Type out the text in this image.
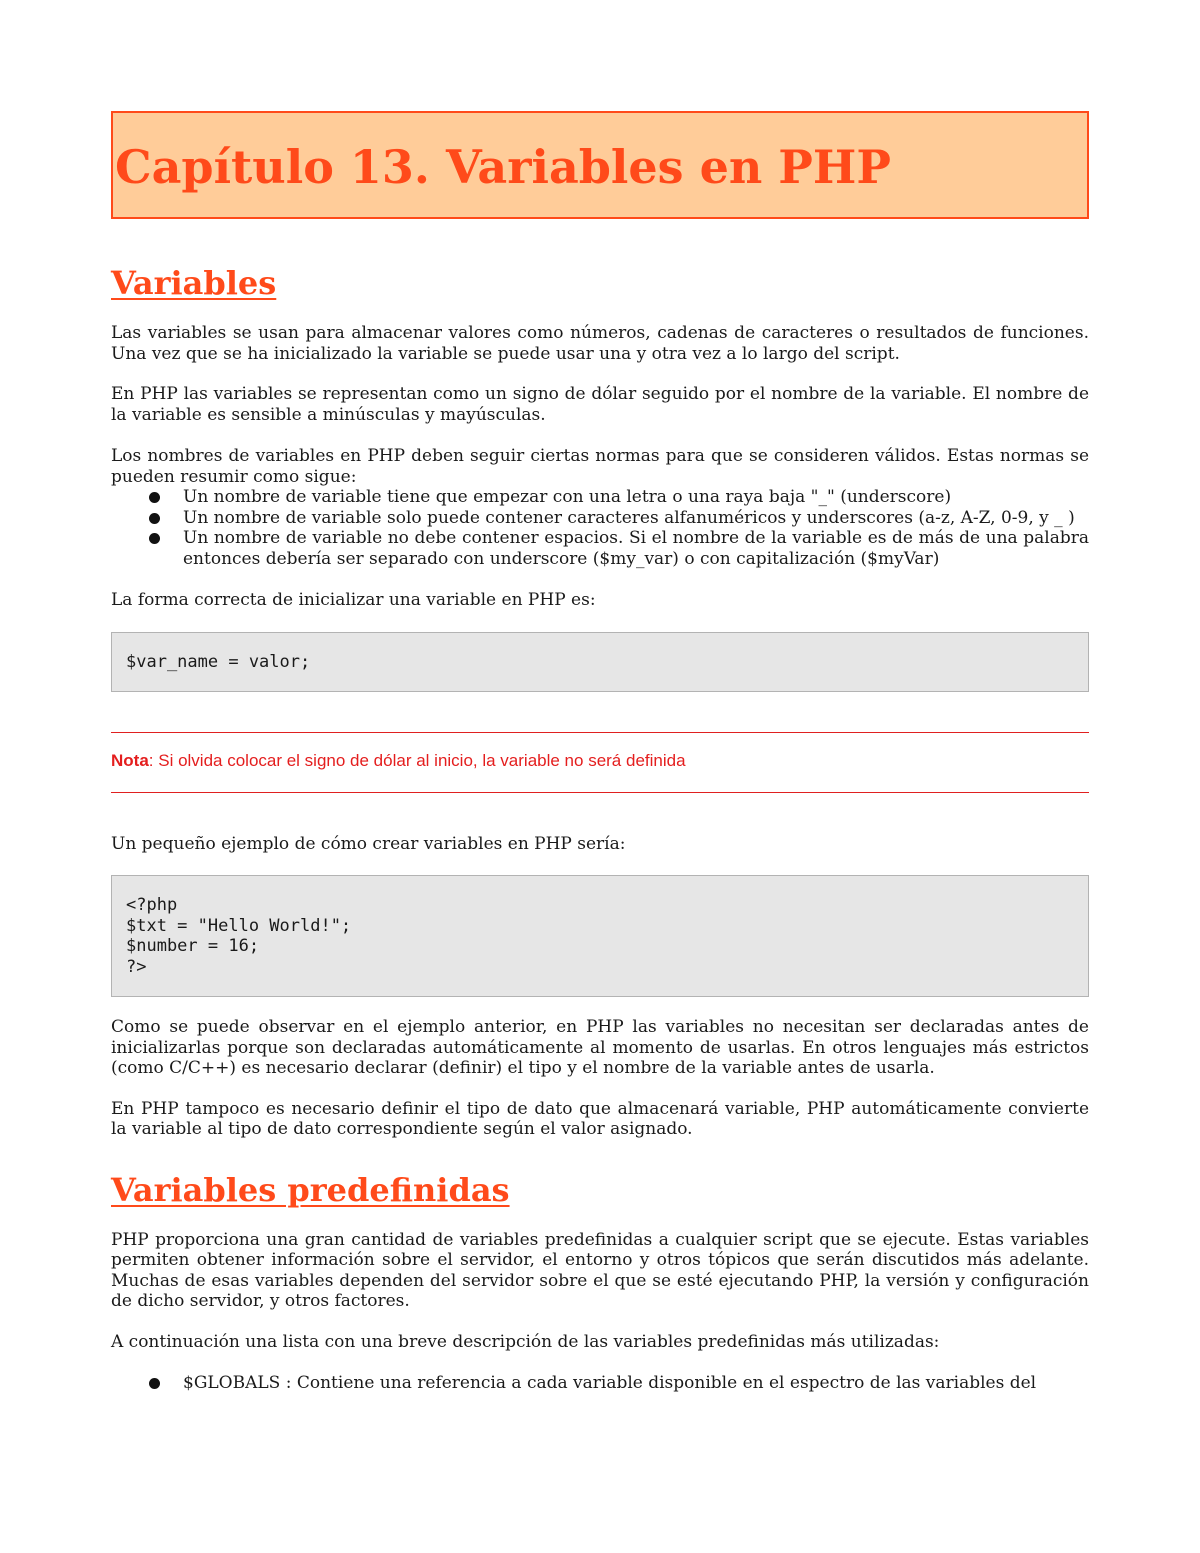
Capítulo 13. Variables en PHP
Variables

Las variables se usan para almacenar valores como números, cadenas de caracteres o resultados de funciones. Una vez que se ha inicializado la variable se puede usar una y otra vez a lo largo del script.

En PHP las variables se representan como un signo de dólar seguido por el nombre de la variable. El nombre de la variable es sensible a minúsculas y mayúsculas.

Los nombres de variables en PHP deben seguir ciertas normas para que se consideren válidos. Estas normas se pueden resumir como sigue:

Un nombre de variable tiene que empezar con una letra o una raya baja "_" (underscore)
Un nombre de variable solo puede contener caracteres alfanuméricos y underscores (a-z, A-Z, 0-9, y _ )
Un nombre de variable no debe contener espacios. Si el nombre de la variable es de más de una palabra entonces debería ser separado con underscore ($my_var) o con capitalización ($myVar)

La forma correcta de inicializar una variable en PHP es:

$var_name = valor;
Nota: Si olvida colocar el signo de dólar al inicio, la variable no será definida

Un pequeño ejemplo de cómo crear variables en PHP sería:

<?php
$txt = "Hello World!";
$number = 16;
?>

Como se puede observar en el ejemplo anterior, en PHP las variables no necesitan ser declaradas antes de inicializarlas porque son declaradas automáticamente al momento de usarlas. En otros lenguajes más estrictos (como C/C++) es necesario declarar (definir) el tipo y el nombre de la variable antes de usarla.

En PHP tampoco es necesario definir el tipo de dato que almacenará variable, PHP automáticamente convierte la variable al tipo de dato correspondiente según el valor asignado.

Variables predefinidas

PHP proporciona una gran cantidad de variables predefinidas a cualquier script que se ejecute. Estas variables permiten obtener información sobre el servidor, el entorno y otros tópicos que serán discutidos más adelante. Muchas de esas variables dependen del servidor sobre el que se esté ejecutando PHP, la versión y configuración de dicho servidor, y otros factores.

A continuación una lista con una breve descripción de las variables predefinidas más utilizadas:

$GLOBALS : Contiene una referencia a cada variable disponible en el espectro de las variables del
